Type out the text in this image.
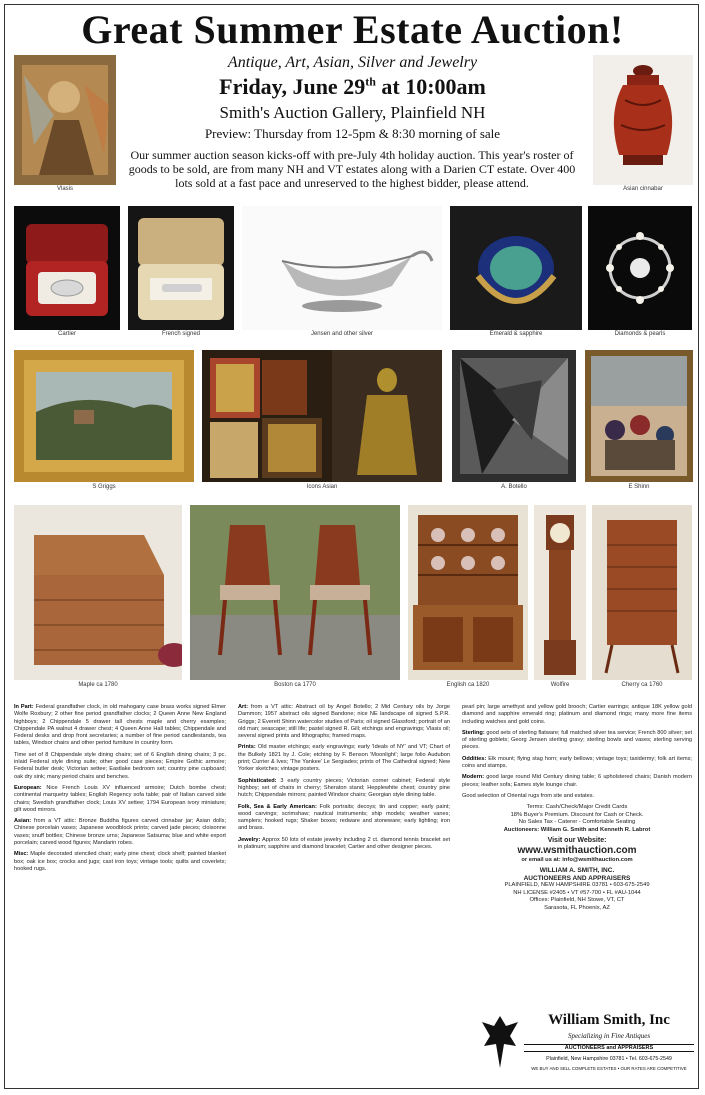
Great Summer Estate Auction!
Antique, Art, Asian, Silver and Jewelry
Friday, June 29th at 10:00am
Smith's Auction Gallery, Plainfield NH
Preview: Thursday from 12-5pm & 8:30 morning of sale
Our summer auction season kicks-off with pre-July 4th holiday auction. This year's roster of goods to be sold, are from many NH and VT estates along with a Darien CT estate. Over 400 lots sold at a fast pace and unreserved to the highest bidder, please attend.
Vlasis	Asian cinnabar
Cartier	French signed	Jensen and other silver	Emerald & sapphire	Diamonds & pearls
S Griggs	Icons Asian	A. Botello	E Shinn
Maple ca 1780	Boston ca 1770	English ca 1820	Wolfire	Cherry ca 1760

In Part: Federal grandfather clock, in old mahogany case brass works signed Elmer Wolfe Roxbury; 2 other fine period grandfather clocks; 2 Queen Anne New England highboys; 2 Chippendale 5 drawer tall chests maple and cherry examples; Chippendale PA walnut 4 drawer chest; 4 Queen Anne Hall tables; Chippendale and Federal desks and drop front secretaries; a number of fine period candlestands, tea tables, Windsor chairs and other period furniture in country form.

Time set of 8 Chippendale style dining chairs; set of 6 English dining chairs; 3 pc. inlaid Federal style dining suite; other good case pieces; Empire Gothic armoire; Federal butler desk; Victorian settee; Eastlake bedroom set; country pine cupboard; oak dry sink; many period chairs and benches.

European: Nice French Louis XV influenced armoire; Dutch bombe chest; continental marquetry tables; English Regency sofa table; pair of Italian carved side chairs; Swedish grandfather clock; Louis XV settee; 1794 European ivory miniature; gilt wood mirrors.

Asian: from a VT attic: Bronze Buddha figures carved cinnabar jar; Asian dolls; Chinese porcelain vases; Japanese woodblock prints; carved jade pieces; cloisonne vases; snuff bottles; Chinese bronze urns; Japanese Satsuma; blue and white export porcelain; carved wood figures; Mandarin robes.

Misc: Maple decorated stenciled chair; early pine chest; clock shelf; painted blanket box; oak ice box; crocks and jugs; cast iron toys; vintage tools; quilts and coverlets; hooked rugs.

Art: from a VT attic: Abstract oil by Angel Botello; 2 Mid Century oils by Jorge Dammon; 1957 abstract oils signed Bandone; nice NE landscape oil signed S.P.R. Griggs; 2 Everett Shinn watercolor studies of Paris; oil signed Glassford; portrait of an old man; seascape; still life; pastel signed R. Gill; etchings and engravings; Vlasis oil; several signed prints and lithographs; framed maps.

Prints: Old master etchings; early engravings; early 'Ideals of NY' and VT; Chart of the Bulkely 1821 by J. Cole; etching by F. Benson 'Moonlight'; large folio Audubon print; Currier & Ives; 'The Yankee' Le Sergiades; prints of The Cathedral signed; New Yorker sketches; vintage posters.

Sophisticated: 3 early country pieces; Victorian corner cabinet; Federal style highboy; set of chairs in cherry; Sheraton stand; Hepplewhite chest; country pine hutch; Chippendale mirrors; painted Windsor chairs; Georgian style dining table.

Folk, Sea & Early American: Folk portraits; decoys; tin and copper; early paint; wood carvings; scrimshaw; nautical instruments; ship models; weather vanes; samplers; hooked rugs; Shaker boxes; redware and stoneware; early lighting; iron and brass.

Jewelry: Approx 50 lots of estate jewelry including 2 ct. diamond tennis bracelet set in platinum; sapphire and diamond bracelet; Cartier and other designer pieces.

pearl pin; large amethyst and yellow gold brooch; Cartier earrings; antique 18K yellow gold diamond and sapphire emerald ring; platinum and diamond rings; many more fine items including watches and gold coins.

Sterling: good sets of sterling flatware; full matched silver tea service; French 800 silver; set of sterling goblets; Georg Jensen sterling gravy; sterling bowls and vases; sterling serving pieces.

Oddities: Elk mount; flying stag horn; early bellows; vintage toys; taxidermy; folk art items; coins and stamps.

Modern: good large round Mid Century dining table; 6 upholstered chairs; Danish modern pieces; leather sofa; Eames style lounge chair.

Good selection of Oriental rugs from site and estates.

Terms: Cash/Check/Major Credit Cards
18% Buyer's Premium. Discount for Cash or Check.
No Sales Tax - Caterer - Comfortable Seating
Auctioneers: William G. Smith and Kenneth R. Labrot
Visit our Website:
www.wsmithauction.com
or email us at: info@wsmithauction.com
WILLIAM A. SMITH, INC.
AUCTIONEERS AND APPRAISERS
PLAINFIELD, NEW HAMPSHIRE 03781 • 603-675-2549
NH LICENSE #2405 • VT #57-700 • FL #AU-1044
Offices: Plainfield, NH Stowe, VT, CT
Sarasota, FL Phoenix, AZ
William Smith, Inc
Specializing in Fine Antiques
AUCTIONEERS and APPRAISERS
Plainfield, New Hampshire 03781 • Tel. 603-675-2549
WE BUY AND SELL COMPLETE ESTATES • OUR RATES ARE COMPETITIVE
